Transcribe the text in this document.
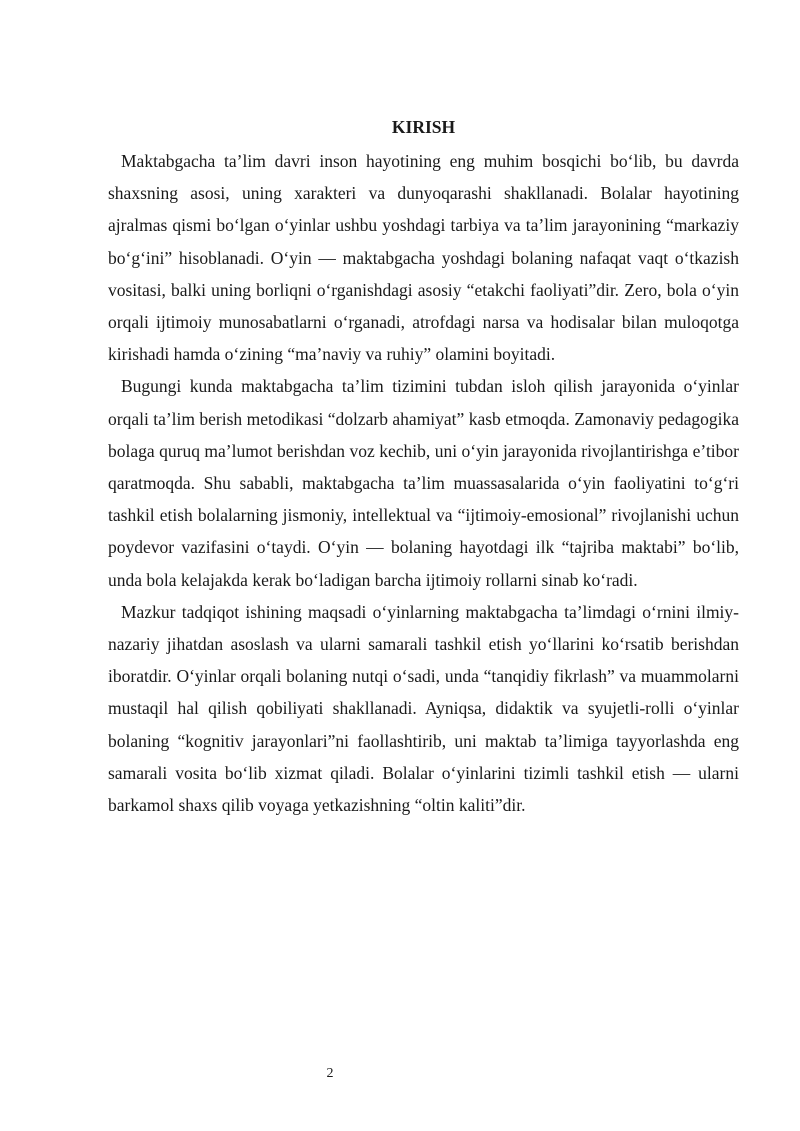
KIRISH

Maktabgacha ta’lim davri inson hayotining eng muhim bosqichi bo‘lib, bu davrda shaxsning asosi, uning xarakteri va dunyoqarashi shakllanadi. Bolalar hayotining ajralmas qismi bo‘lgan o‘yinlar ushbu yoshdagi tarbiya va ta’lim jarayonining “markaziy bo‘g‘ini” hisoblanadi. O‘yin — maktabgacha yoshdagi bolaning nafaqat vaqt o‘tkazish vositasi, balki uning borliqni o‘rganishdagi asosiy “etakchi faoliyati”dir. Zero, bola o‘yin orqali ijtimoiy munosabatlarni o‘rganadi, atrofdagi narsa va hodisalar bilan muloqotga kirishadi hamda o‘zining “ma’naviy va ruhiy” olamini boyitadi.

Bugungi kunda maktabgacha ta’lim tizimini tubdan isloh qilish jarayonida o‘yinlar orqali ta’lim berish metodikasi “dolzarb ahamiyat” kasb etmoqda. Zamonaviy pedagogika bolaga quruq ma’lumot berishdan voz kechib, uni o‘yin jarayonida rivojlantirishga e’tibor qaratmoqda. Shu sababli, maktabgacha ta’lim muassasalarida o‘yin faoliyatini to‘g‘ri tashkil etish bolalarning jismoniy, intellektual va “ijtimoiy-emosional” rivojlanishi uchun poydevor vazifasini o‘taydi. O‘yin — bolaning hayotdagi ilk “tajriba maktabi” bo‘lib, unda bola kelajakda kerak bo‘ladigan barcha ijtimoiy rollarni sinab ko‘radi.

Mazkur tadqiqot ishining maqsadi o‘yinlarning maktabgacha ta’limdagi o‘rnini ilmiy-nazariy jihatdan asoslash va ularni samarali tashkil etish yo‘llarini ko‘rsatib berishdan iboratdir. O‘yinlar orqali bolaning nutqi o‘sadi, unda “tanqidiy fikrlash” va muammolarni mustaqil hal qilish qobiliyati shakllanadi. Ayniqsa, didaktik va syujetli-rolli o‘yinlar bolaning “kognitiv jarayonlari”ni faollashtirib, uni maktab ta’limiga tayyorlashda eng samarali vosita bo‘lib xizmat qiladi. Bolalar o‘yinlarini tizimli tashkil etish — ularni barkamol shaxs qilib voyaga yetkazishning “oltin kaliti”dir.

2
